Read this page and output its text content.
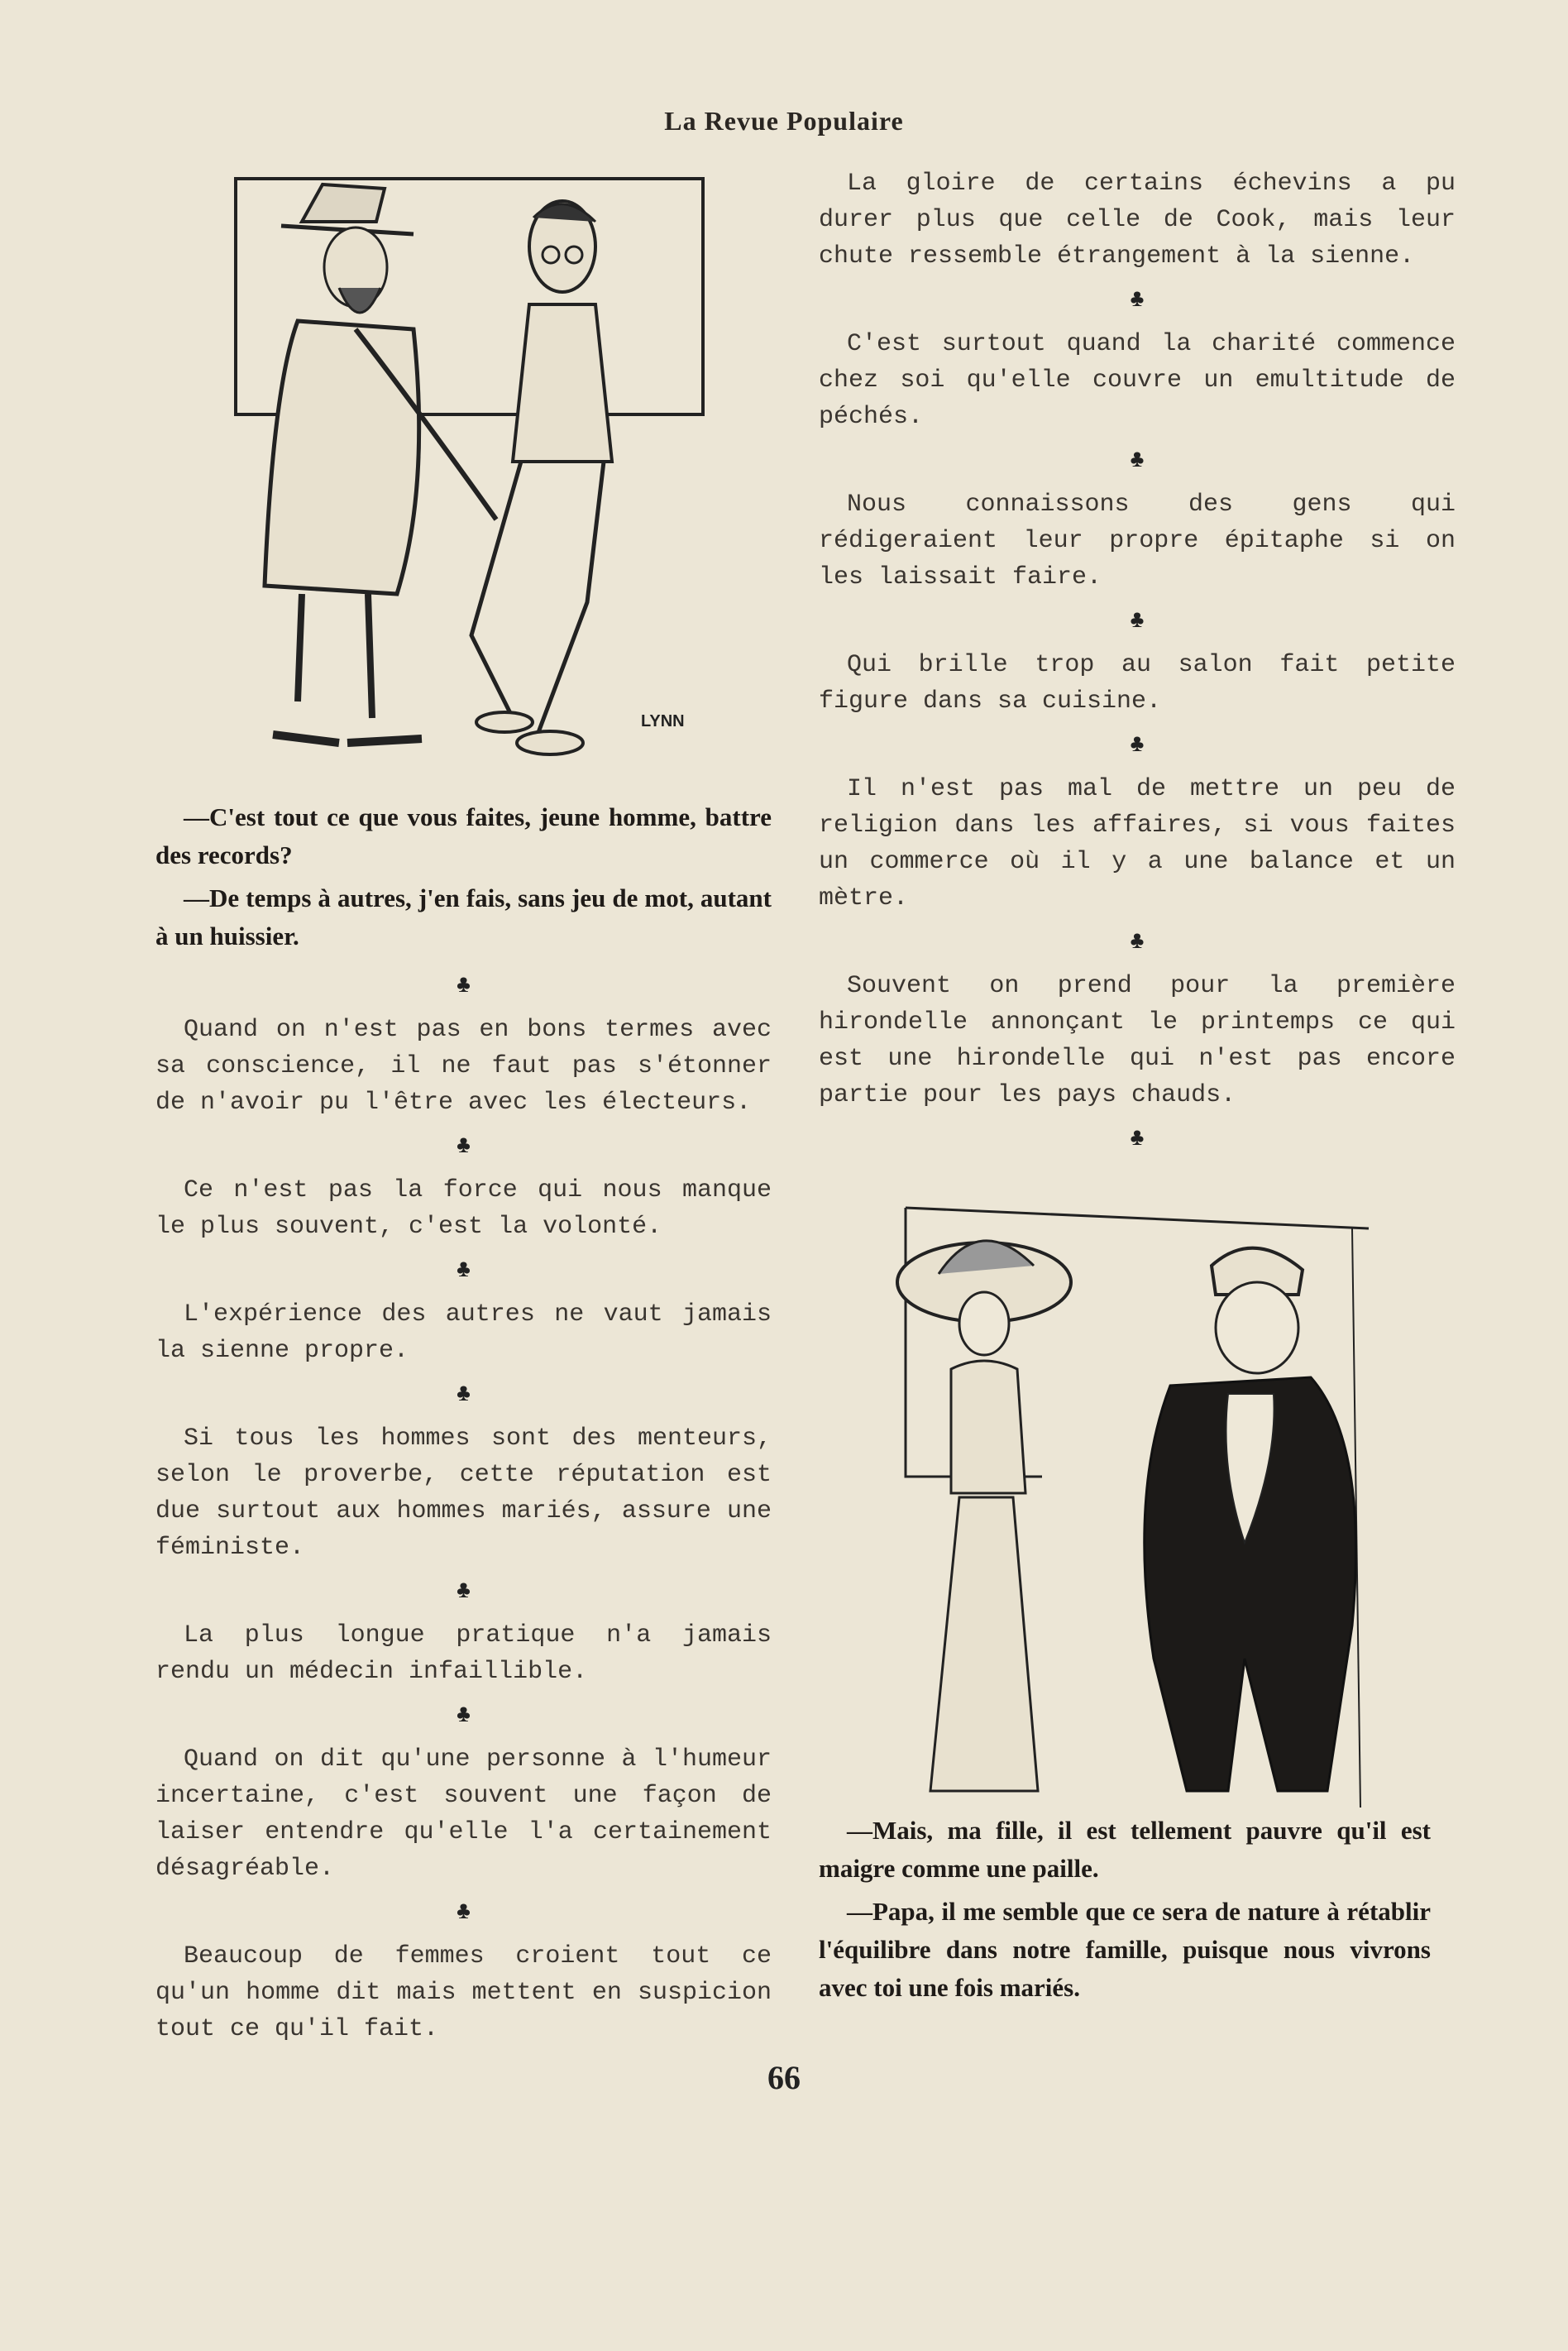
La Revue Populaire
LYNN

—C'est tout ce que vous faites, jeune homme, battre des records?

—De temps à autres, j'en fais, sans jeu de mot, autant à un huissier.

♣

Quand on n'est pas en bons termes avec sa conscience, il ne faut pas s'étonner de n'avoir pu l'être avec les électeurs.

♣

Ce n'est pas la force qui nous manque le plus souvent, c'est la volonté.

♣

L'expérience des autres ne vaut jamais la sienne propre.

♣

Si tous les hommes sont des menteurs, selon le proverbe, cette réputation est due surtout aux hommes mariés, assure une féministe.

♣

La plus longue pratique n'a jamais rendu un médecin infaillible.

♣

Quand on dit qu'une personne à l'humeur incertaine, c'est souvent une façon de laiser entendre qu'elle l'a certainement désagréable.

♣

Beaucoup de femmes croient tout ce qu'un homme dit mais mettent en suspicion tout ce qu'il fait.

La gloire de certains échevins a pu durer plus que celle de Cook, mais leur chute ressemble étrangement à la sienne.

♣

C'est surtout quand la charité commence chez soi qu'elle couvre un emultitude de péchés.

♣

Nous connaissons des gens qui rédigeraient leur propre épitaphe si on les laissait faire.

♣

Qui brille trop au salon fait petite figure dans sa cuisine.

♣

Il n'est pas mal de mettre un peu de religion dans les affaires, si vous faites un commerce où il y a une balance et un mètre.

♣

Souvent on prend pour la première hirondelle annonçant le printemps ce qui est une hirondelle qui n'est pas encore partie pour les pays chauds.

♣

—Mais, ma fille, il est tellement pauvre qu'il est maigre comme une paille.

—Papa, il me semble que ce sera de nature à rétablir l'équilibre dans notre famille, puisque nous vivrons avec toi une fois mariés.

66
